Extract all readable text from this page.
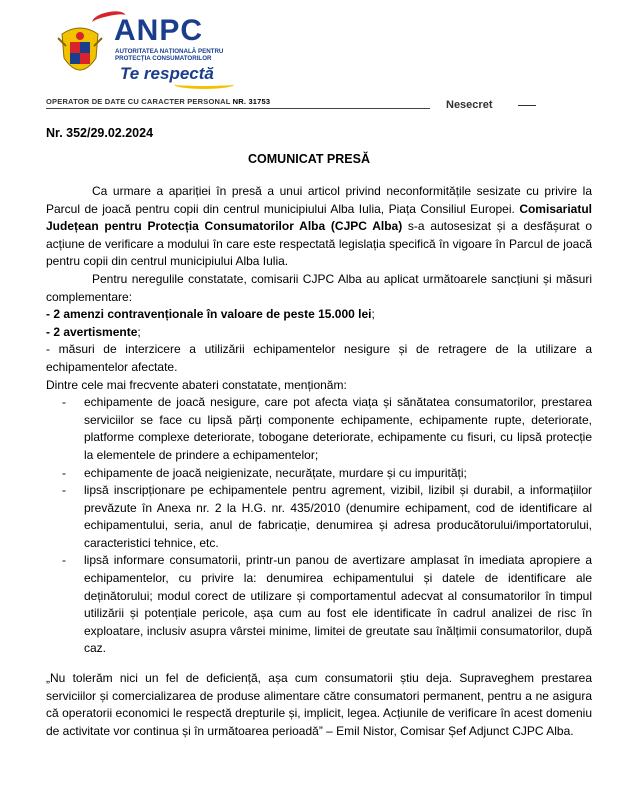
ANPC
AUTORITATEA NAȚIONALĂ PENTRU PROTECȚIA CONSUMATORILOR
Te respectă
OPERATOR DE DATE CU CARACTER PERSONAL NR. 31753	Nesecret
Nr. 352/29.02.2024
COMUNICAT PRESĂ

Ca urmare a apariției în presă a unui articol privind neconformitățile sesizate cu privire la Parcul de joacă pentru copii din centrul municipiului Alba Iulia, Piața Consiliul Europei. Comisariatul Județean pentru Protecția Consumatorilor Alba (CJPC Alba) s-a autosesizat și a desfășurat o acțiune de verificare a modului în care este respectată legislația specifică în vigoare în Parcul de joacă pentru copii din centrul municipiului Alba Iulia.

Pentru neregulile constatate, comisarii CJPC Alba au aplicat următoarele sancțiuni și măsuri complementare:

- 2 amenzi contravenționale în valoare de peste 15.000 lei;

- 2 avertismente;

- măsuri de interzicere a utilizării echipamentelor nesigure și de retragere de la utilizare a echipamentelor afectate.

Dintre cele mai frecvente abateri constatate, menționăm:

- echipamente de joacă nesigure, care pot afecta viața și sănătatea consumatorilor, prestarea serviciilor se face cu lipsă părți componente echipamente, echipamente rupte, deteriorate, platforme complexe deteriorate, tobogane deteriorate, echipamente cu fisuri, cu lipsă protecție la elementele de prindere a echipamentelor;
- echipamente de joacă neigienizate, necurățate, murdare și cu impurități;
- lipsă inscripționare pe echipamentele pentru agrement, vizibil, lizibil și durabil, a informațiilor prevăzute în Anexa nr. 2 la H.G. nr. 435/2010 (denumire echipament, cod de identificare al echipamentului, seria, anul de fabricație, denumirea și adresa producătorului/importatorului, caracteristici tehnice, etc.
- lipsă informare consumatorii, printr-un panou de avertizare amplasat în imediata apropiere a echipamentelor, cu privire la: denumirea echipamentului și datele de identificare ale deținătorului; modul corect de utilizare și comportamentul adecvat al consumatorilor în timpul utilizării și potențiale pericole, așa cum au fost ele identificate în cadrul analizei de risc în exploatare, inclusiv asupra vârstei minime, limitei de greutate sau înălțimii consumatorilor, după caz.

„Nu tolerăm nici un fel de deficiență, așa cum consumatorii știu deja. Supraveghem prestarea serviciilor și comercializarea de produse alimentare către consumatori permanent, pentru a ne asigura că operatorii economici le respectă drepturile și, implicit, legea. Acțiunile de verificare în acest domeniu de activitate vor continua și în următoarea perioadă” – Emil Nistor, Comisar Șef Adjunct CJPC Alba.
